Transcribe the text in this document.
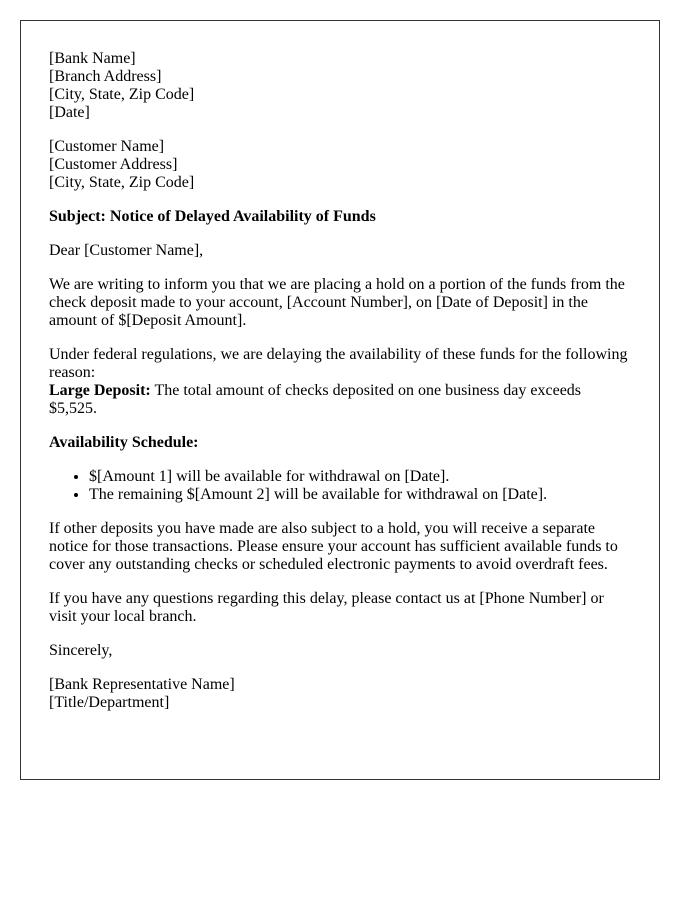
[Bank Name]
[Branch Address]
[City, State, Zip Code]
[Date]
[Customer Name]
[Customer Address]
[City, State, Zip Code]

Subject: Notice of Delayed Availability of Funds

Dear [Customer Name],

We are writing to inform you that we are placing a hold on a portion of the funds from the check deposit made to your account, [Account Number], on [Date of Deposit] in the amount of $[Deposit Amount].

Under federal regulations, we are delaying the availability of these funds for the following reason:
Large Deposit: The total amount of checks deposited on one business day exceeds $5,525.

Availability Schedule:

• $[Amount 1] will be available for withdrawal on [Date].
• The remaining $[Amount 2] will be available for withdrawal on [Date].

If other deposits you have made are also subject to a hold, you will receive a separate notice for those transactions. Please ensure your account has sufficient available funds to cover any outstanding checks or scheduled electronic payments to avoid overdraft fees.

If you have any questions regarding this delay, please contact us at [Phone Number] or visit your local branch.

Sincerely,

[Bank Representative Name]
[Title/Department]
